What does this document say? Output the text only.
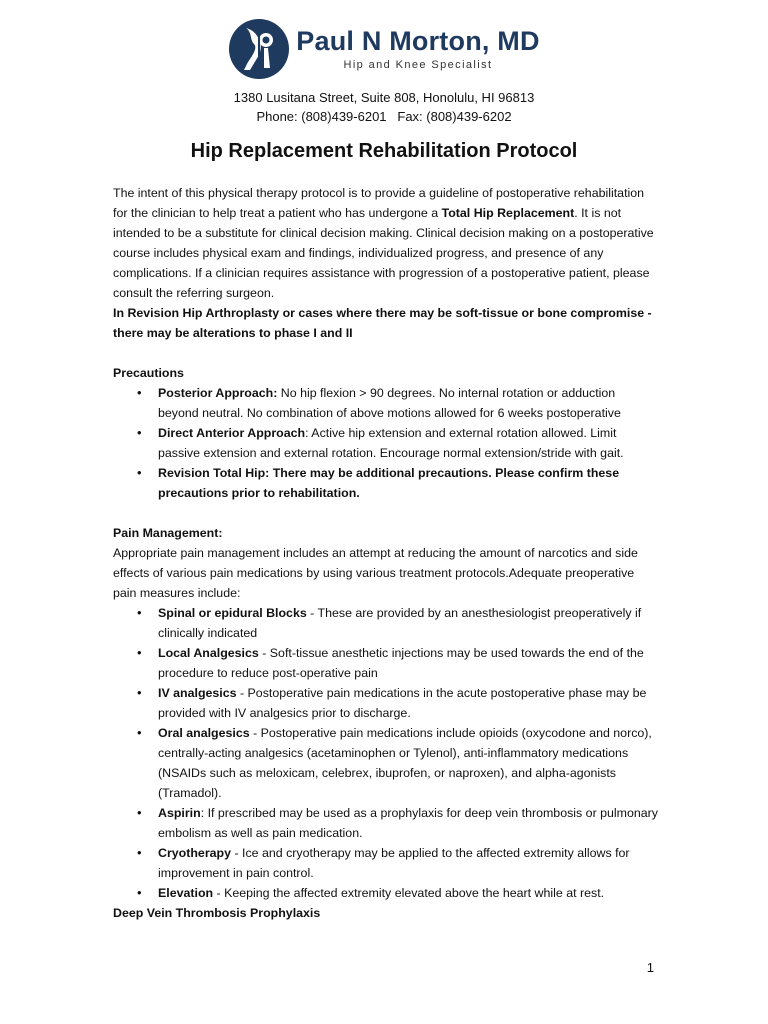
Paul N Morton, MD
Hip and Knee Specialist
1380 Lusitana Street, Suite 808, Honolulu, HI 96813
Phone: (808)439-6201   Fax: (808)439-6202
Hip Replacement Rehabilitation Protocol

The intent of this physical therapy protocol is to provide a guideline of postoperative rehabilitation for the clinician to help treat a patient who has undergone a Total Hip Replacement. It is not intended to be a substitute for clinical decision making. Clinical decision making on a postoperative course includes physical exam and findings, individualized progress, and presence of any complications. If a clinician requires assistance with progression of a postoperative patient, please consult the referring surgeon.

In Revision Hip Arthroplasty or cases where there may be soft-tissue or bone compromise - there may be alterations to phase I and II

Precautions

• Posterior Approach: No hip flexion > 90 degrees. No internal rotation or adduction beyond neutral. No combination of above motions allowed for 6 weeks postoperative
• Direct Anterior Approach: Active hip extension and external rotation allowed. Limit passive extension and external rotation. Encourage normal extension/stride with gait.
• Revision Total Hip: There may be additional precautions. Please confirm these precautions prior to rehabilitation.

Pain Management:

Appropriate pain management includes an attempt at reducing the amount of narcotics and side effects of various pain medications by using various treatment protocols.Adequate preoperative pain measures include:

• Spinal or epidural Blocks - These are provided by an anesthesiologist preoperatively if clinically indicated
• Local Analgesics - Soft-tissue anesthetic injections may be used towards the end of the procedure to reduce post-operative pain
• IV analgesics - Postoperative pain medications in the acute postoperative phase may be provided with IV analgesics prior to discharge.
• Oral analgesics - Postoperative pain medications include opioids (oxycodone and norco), centrally-acting analgesics (acetaminophen or Tylenol), anti-inflammatory medications (NSAIDs such as meloxicam, celebrex, ibuprofen, or naproxen), and alpha-agonists (Tramadol).
• Aspirin: If prescribed may be used as a prophylaxis for deep vein thrombosis or pulmonary embolism as well as pain medication.
• Cryotherapy - Ice and cryotherapy may be applied to the affected extremity allows for improvement in pain control.
• Elevation - Keeping the affected extremity elevated above the heart while at rest.

Deep Vein Thrombosis Prophylaxis

1
